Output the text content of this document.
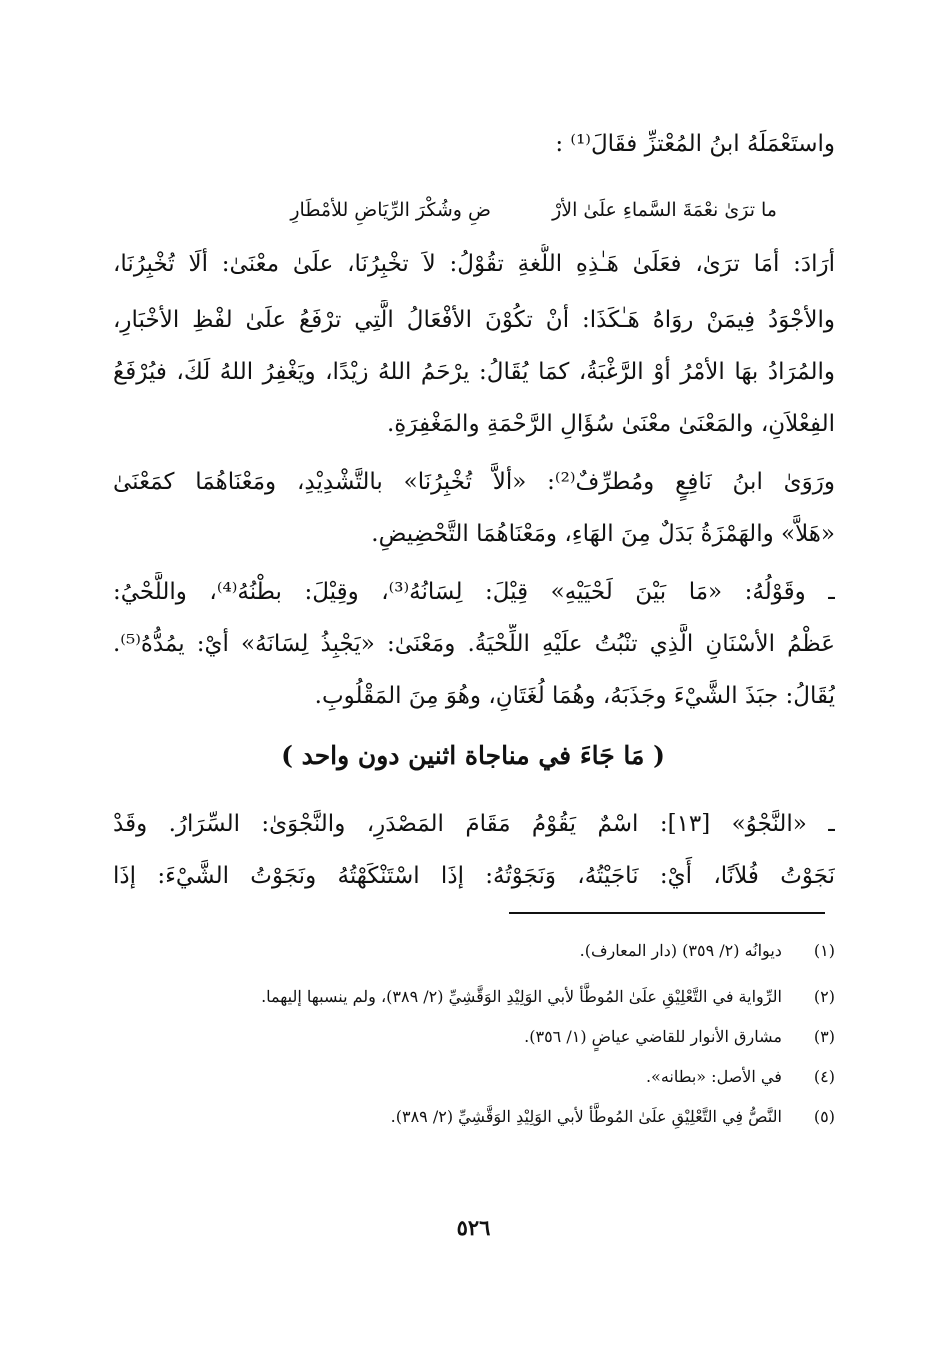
واستَعْمَلَهُ ابنُ المُعْتزِّ فقَالَ⁽¹⁾ :
ما ترَىٰ نعْمَةَ السَّماءِ علَىٰ الأرْ
ضِ وشُكْرَ الرِّيَاضِ للأمْطَارِ
أرَادَ: أمَا ترَىٰ، فعَلَىٰ هَـٰذِهِ اللُّغةِ تقُوْلُ: لاَ تخْبِرُنَا، علَىٰ معْنَىٰ: ألَا تُخْبِرُنَا،
والأجْوَدُ فِيمَنْ روَاهُ هَـٰكَذَا: أنْ تكُوْنَ الأفْعَالُ الَّتِي ترْفَعُ علَىٰ لفْظِ الأخْبَارِ،
والمُرَادُ بهَا الأمْرُ أوْ الرَّغْبَةُ، كمَا يُقَالُ: يرْحَمُ اللهُ زيْدًا، ويَغْفِرُ اللهُ لَكَ، فيُرْفَعُ
الفِعْلاَنِ، والمَعْنَىٰ معْنَىٰ سُؤَالِ الرَّحْمَةِ والمَغْفِرَةِ.
ورَوَىٰ ابنُ نَافِعٍ ومُطرِّفٌ⁽²⁾: «ألاَّ تُخْبِرُنَا» بالتَّشْدِيْدِ، ومَعْنَاهُمَا كمَعْنَىٰ
«هَلاَّ» والهَمْزَةُ بَدَلٌ مِنَ الهَاءِ، ومَعْنَاهُمَا التَّحْضِيضِ.
ـ وقَوْلُهُ: «مَا بَيْنَ لَحْيَيْهِ» قِيْلَ: لِسَانُهُ⁽³⁾، وقِيْلَ: بطْنُهُ⁽⁴⁾، واللَّحْيُ:
عَظْمُ الأسْنَانِ الَّذِي تنْبُتُ علَيْهِ اللِّحْيَةُ. ومَعْنَىٰ: «يَجْبِذُ لِسَانَهُ» أيْ: يمُدُّهُ⁽⁵⁾.
يُقَالُ: جبَذَ الشَّيْءَ وجَذَبَهُ، وهُمَا لُغَتَانِ، وهُوَ مِنَ المَقْلُوبِ.
( مَا جَاءَ في مناجاة اثنين دون واحد )
ـ «النَّجْوُ» [١٣]: اسْمٌ يَقُوْمُ مَقَامَ المَصْدَرِ، والنَّجْوَىٰ: السِّرَارُ. وقَدْ
نَجَوْتُ فُلاَنًا، أَيْ: نَاجَيْتُهُ، وَنَجَوْتُهُ: إذَا اسْتَنْكَهْتُهُ ونَجَوْتُ الشَّيْءَ: إذَا
(١) ديوانُه (٢/ ٣٥٩) (دار المعارف).
(٢) الرِّواية في التَّعْلِيْقِ علَىٰ المُوطَّأ لأبي الوَلِيْدِ الوَقَّشِيِّ (٢/ ٣٨٩)، ولم ينسبها إليهما.
(٣) مشارق الأنوار للقاضي عياضٍ (١/ ٣٥٦).
(٤) في الأصل: «بطانه».
(٥) النَّصُّ فِي التَّعْلِيْقِ علَىٰ المُوطَّأ لأبي الوَلِيْدِ الوَقَّشِيِّ (٢/ ٣٨٩).
٥٢٦
